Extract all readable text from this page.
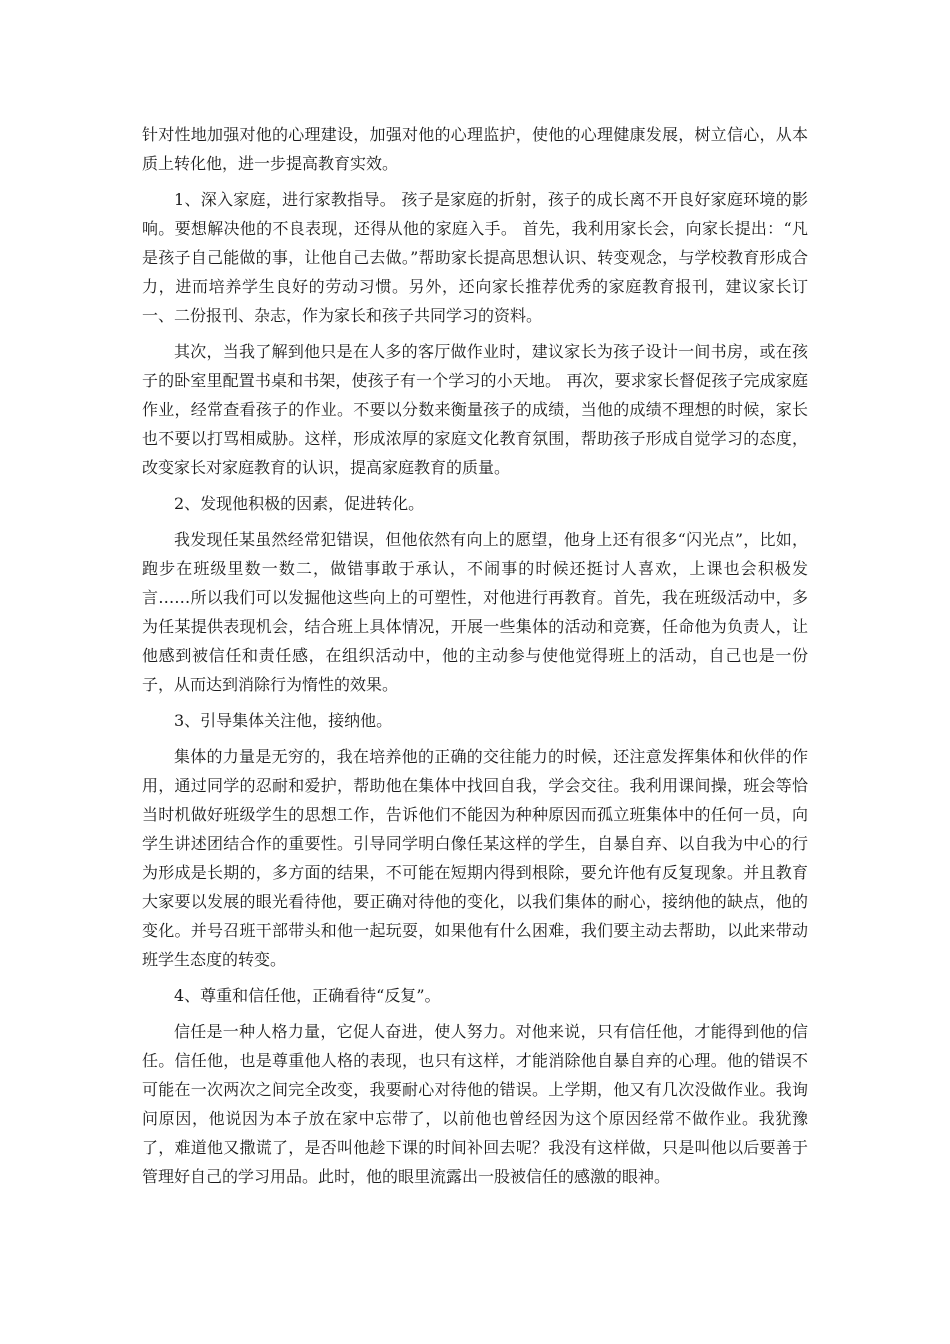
针对性地加强对他的心理建设，加强对他的心理监护，使他的心理健康发展，树立信心，从本质上转化他，进一步提高教育实效。

1、深入家庭，进行家教指导。 孩子是家庭的折射，孩子的成长离不开良好家庭环境的影响。要想解决他的不良表现，还得从他的家庭入手。 首先，我利用家长会，向家长提出：“凡是孩子自己能做的事，让他自己去做。”帮助家长提高思想认识、转变观念，与学校教育形成合力，进而培养学生良好的劳动习惯。另外，还向家长推荐优秀的家庭教育报刊，建议家长订一、二份报刊、杂志，作为家长和孩子共同学习的资料。

其次，当我了解到他只是在人多的客厅做作业时，建议家长为孩子设计一间书房，或在孩子的卧室里配置书桌和书架，使孩子有一个学习的小天地。 再次，要求家长督促孩子完成家庭作业，经常查看孩子的作业。不要以分数来衡量孩子的成绩，当他的成绩不理想的时候，家长也不要以打骂相威胁。这样，形成浓厚的家庭文化教育氛围，帮助孩子形成自觉学习的态度，改变家长对家庭教育的认识，提高家庭教育的质量。

2、发现他积极的因素，促进转化。

我发现任某虽然经常犯错误，但他依然有向上的愿望，他身上还有很多“闪光点”，比如，跑步在班级里数一数二，做错事敢于承认，不闹事的时候还挺讨人喜欢，上课也会积极发言……所以我们可以发掘他这些向上的可塑性，对他进行再教育。首先，我在班级活动中，多为任某提供表现机会，结合班上具体情况，开展一些集体的活动和竞赛，任命他为负责人，让他感到被信任和责任感，在组织活动中，他的主动参与使他觉得班上的活动，自己也是一份子，从而达到消除行为惰性的效果。

3、引导集体关注他，接纳他。

集体的力量是无穷的，我在培养他的正确的交往能力的时候，还注意发挥集体和伙伴的作用，通过同学的忍耐和爱护，帮助他在集体中找回自我，学会交往。我利用课间操，班会等恰当时机做好班级学生的思想工作，告诉他们不能因为种种原因而孤立班集体中的任何一员，向学生讲述团结合作的重要性。引导同学明白像任某这样的学生，自暴自弃、以自我为中心的行为形成是长期的，多方面的结果，不可能在短期内得到根除，要允许他有反复现象。并且教育大家要以发展的眼光看待他，要正确对待他的变化，以我们集体的耐心，接纳他的缺点，他的变化。并号召班干部带头和他一起玩耍，如果他有什么困难，我们要主动去帮助，以此来带动班学生态度的转变。

4、尊重和信任他，正确看待“反复”。

信任是一种人格力量，它促人奋进，使人努力。对他来说，只有信任他，才能得到他的信任。信任他，也是尊重他人格的表现，也只有这样，才能消除他自暴自弃的心理。他的错误不可能在一次两次之间完全改变，我要耐心对待他的错误。上学期，他又有几次没做作业。我询问原因，他说因为本子放在家中忘带了，以前他也曾经因为这个原因经常不做作业。我犹豫了，难道他又撒谎了，是否叫他趁下课的时间补回去呢？我没有这样做，只是叫他以后要善于管理好自己的学习用品。此时，他的眼里流露出一股被信任的感激的眼神。
